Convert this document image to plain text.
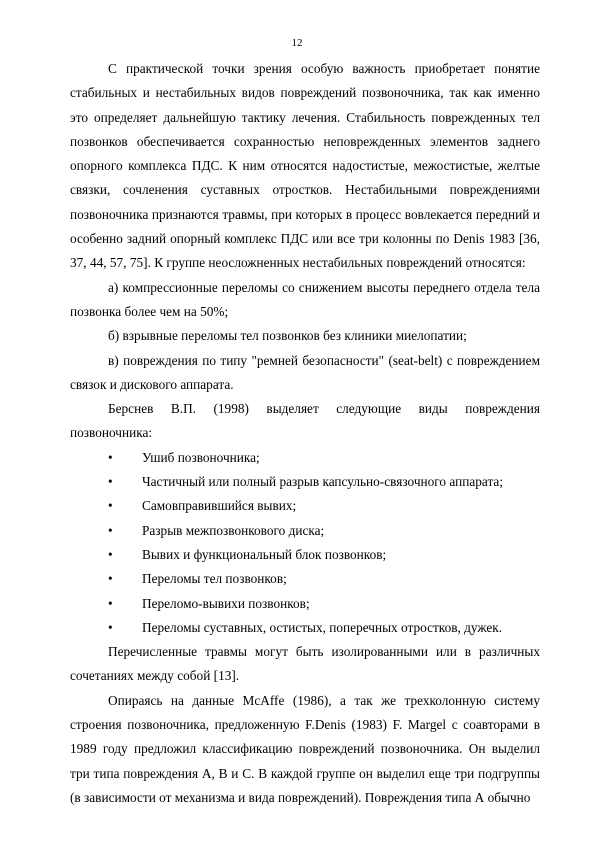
12

С практической точки зрения особую важность приобретает понятие стабильных и нестабильных видов повреждений позвоночника, так как именно это определяет дальнейшую тактику лечения. Стабильность поврежденных тел позвонков обеспечивается сохранностью неповрежденных элементов заднего опорного комплекса ПДС. К ним относятся надостистые, межостистые, желтые связки, сочленения суставных отростков. Нестабильными повреждениями позвоночника признаются травмы, при которых в процесс вовлекается передний и особенно задний опорный комплекс ПДС или все три колонны по Denis 1983 [36, 37, 44, 57, 75]. К группе неосложненных нестабильных повреждений относятся:

а) компрессионные переломы со снижением высоты переднего отдела тела позвонка более чем на 50%;

б) взрывные переломы тел позвонков без клиники миелопатии;

в) повреждения по типу "ремней безопасности" (seat-belt) с повреждением связок и дискового аппарата.

Берснев В.П. (1998) выделяет следующие виды повреждения позвоночника:

• Ушиб позвоночника;
• Частичный или полный разрыв капсульно-связочного аппарата;
• Самовправившийся вывих;
• Разрыв межпозвонкового диска;
• Вывих и функциональный блок позвонков;
• Переломы тел позвонков;
• Переломо-вывихи позвонков;
• Переломы суставных, остистых, поперечных отростков, дужек.

Перечисленные травмы могут быть изолированными или в различных сочетаниях между собой [13].

Опираясь на данные McAffe (1986), а так же трехколонную систему строения позвоночника, предложенную F.Denis (1983) F. Margel с соавторами в 1989 году предложил классификацию повреждений позвоночника. Он выделил три типа повреждения А, В и С. В каждой группе он выделил еще три подгруппы (в зависимости от механизма и вида повреждений). Повреждения типа А обычно
